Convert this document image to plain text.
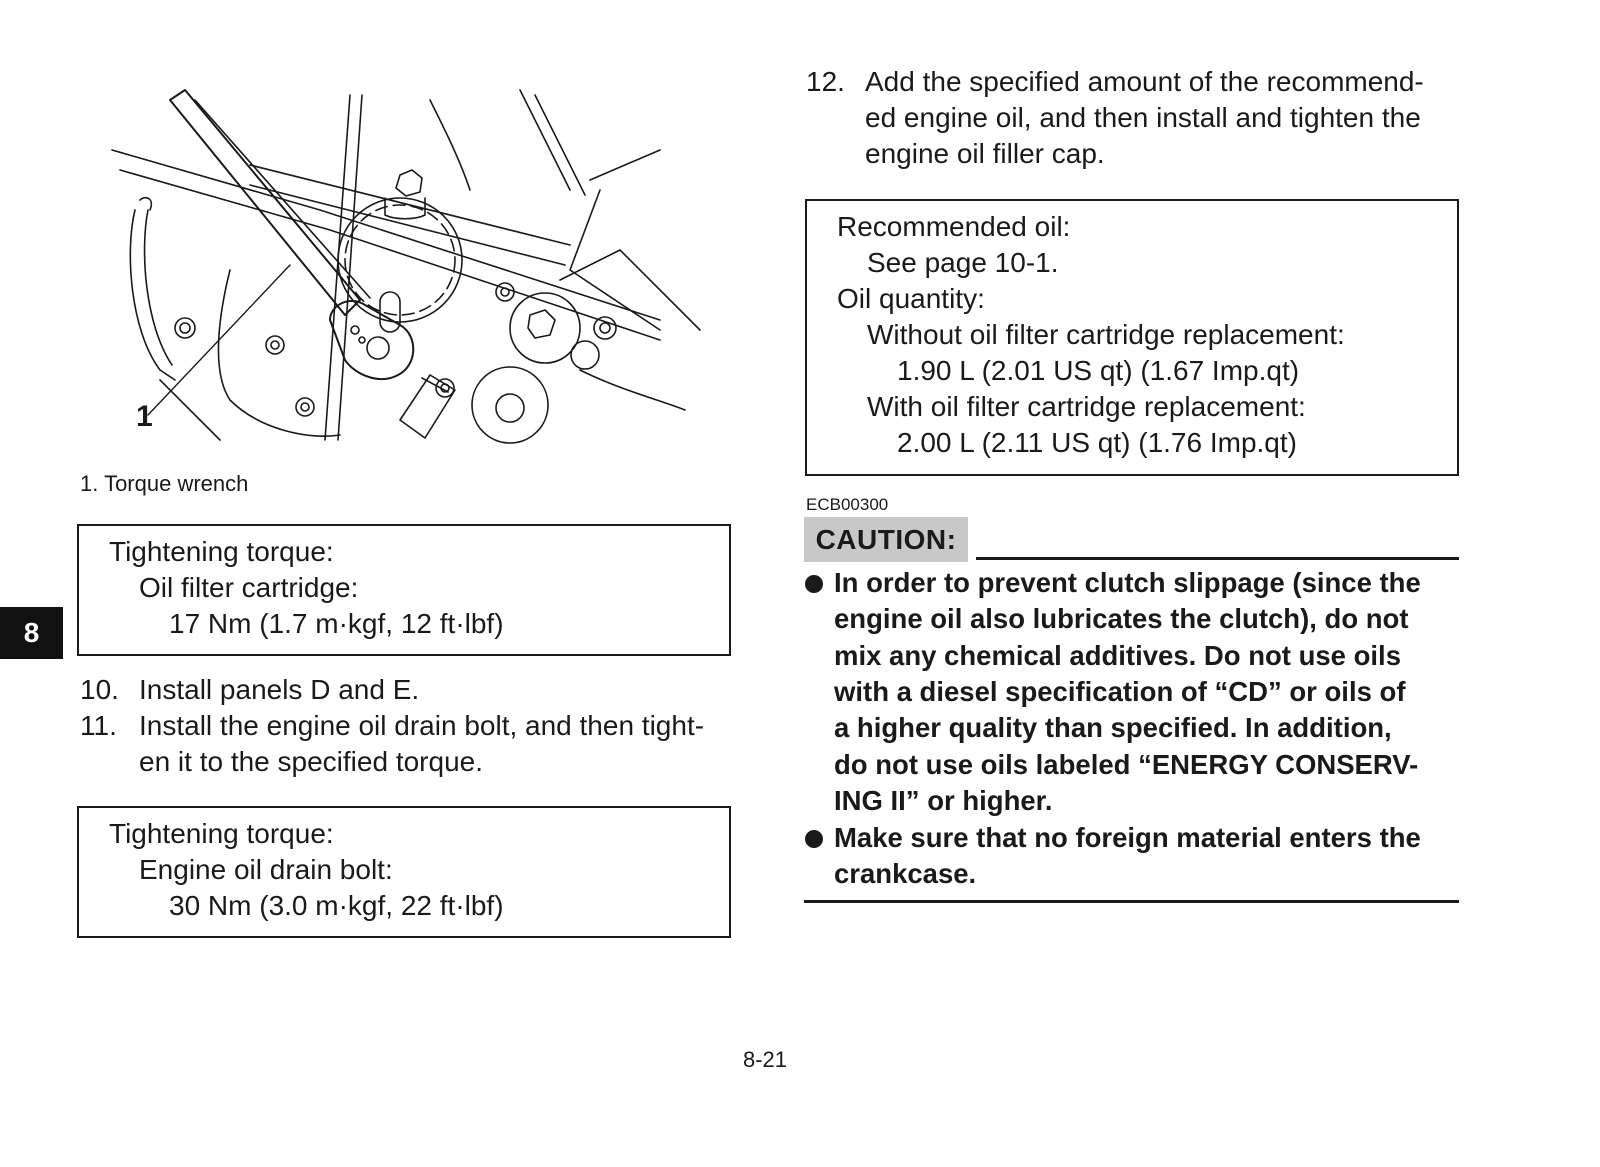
1
1. Torque wrench
8
Tightening torque:
Oil filter cartridge:
17 Nm (1.7 m·kgf, 12 ft·lbf)
10. Install panels D and E.
11. Install the engine oil drain bolt, and then tight-
en it to the specified torque.
Tightening torque:
Engine oil drain bolt:
30 Nm (3.0 m·kgf, 22 ft·lbf)
12. Add the specified amount of the recommend-
ed engine oil, and then install and tighten the
engine oil filler cap.
Recommended oil:
See page 10-1.
Oil quantity:
Without oil filter cartridge replacement:
1.90 L (2.01 US qt) (1.67 Imp.qt)
With oil filter cartridge replacement:
2.00 L (2.11 US qt) (1.76 Imp.qt)
ECB00300
CAUTION:
In order to prevent clutch slippage (since the
engine oil also lubricates the clutch), do not
mix any chemical additives. Do not use oils
with a diesel specification of “CD” or oils of
a higher quality than specified. In addition,
do not use oils labeled “ENERGY CONSERV-
ING II” or higher.
Make sure that no foreign material enters the
crankcase.
8-21
